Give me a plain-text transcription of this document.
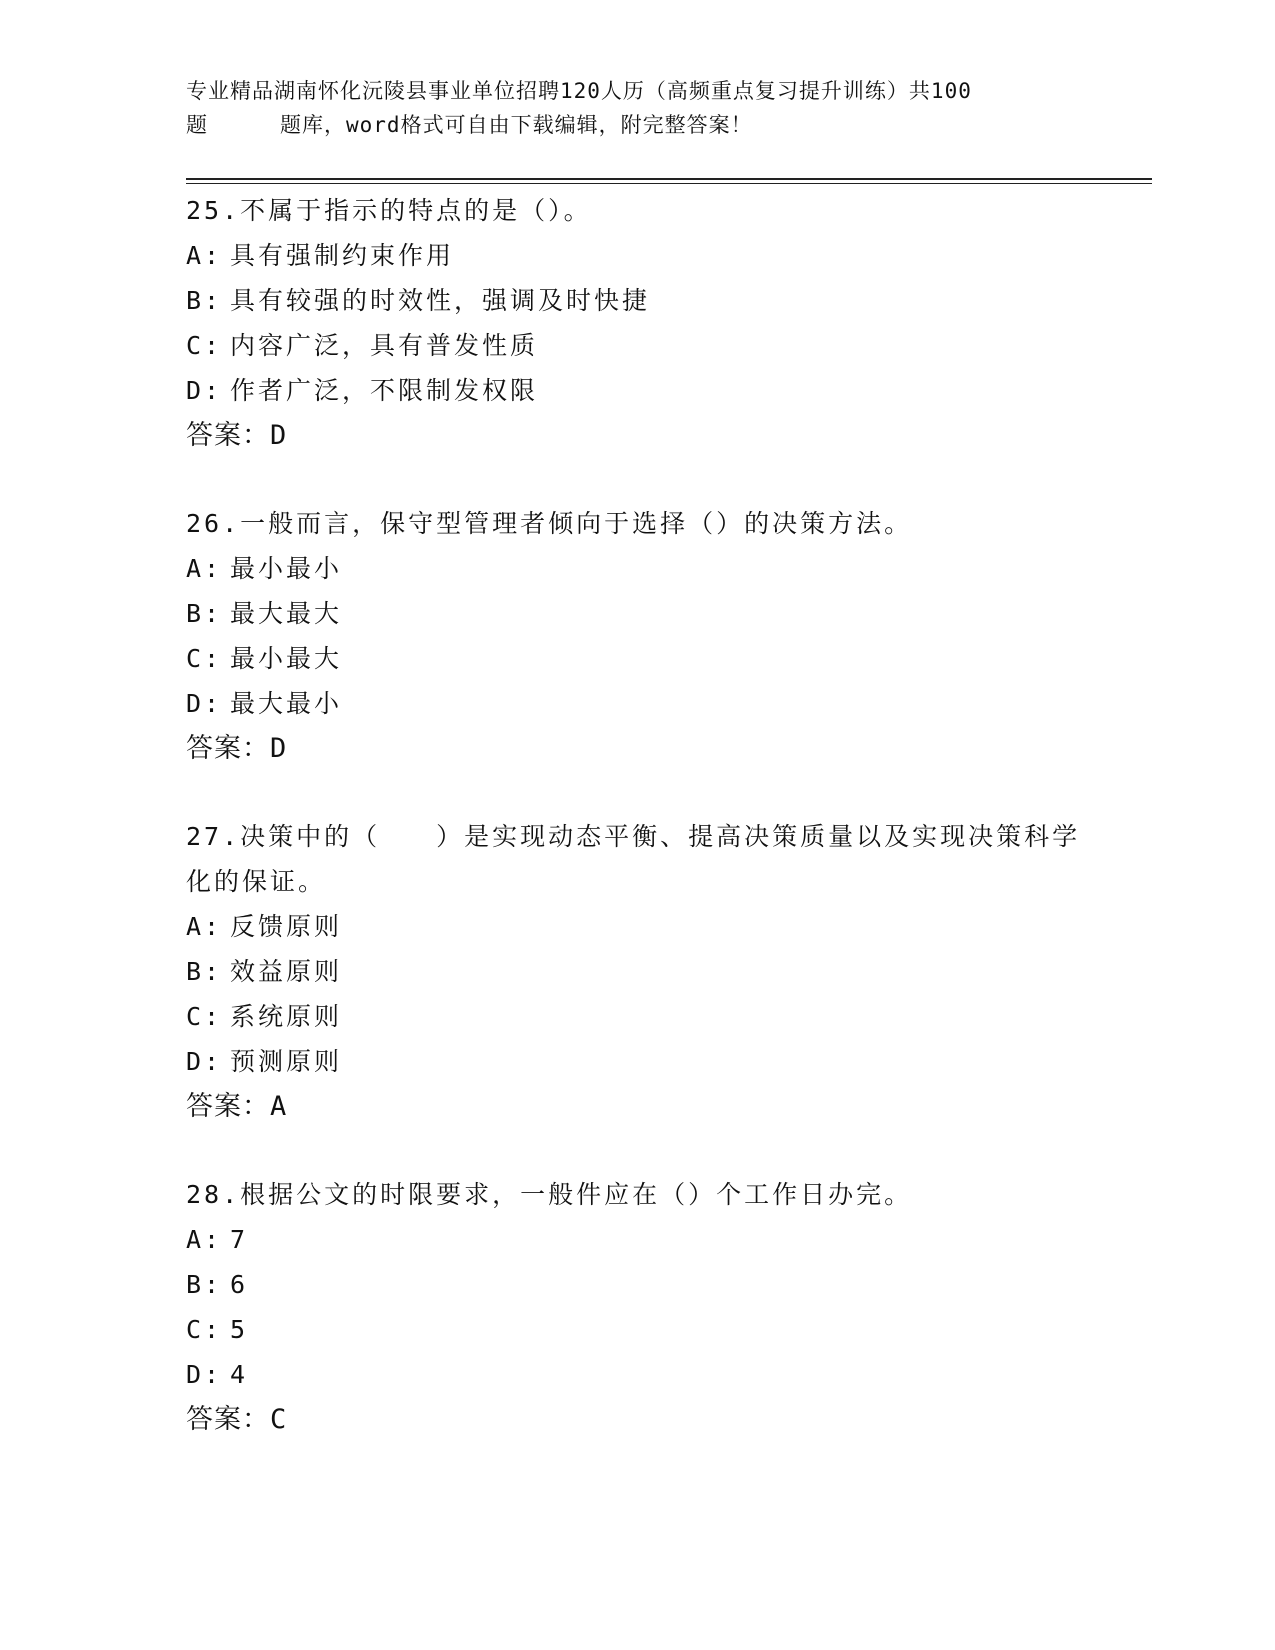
专业精品湖南怀化沅陵县事业单位招聘120人历（高频重点复习提升训练）共100
题	题库，word格式可自由下载编辑，附完整答案！

25.不属于指示的特点的是（）。

A: 具有强制约束作用

B: 具有较强的时效性，强调及时快捷

C: 内容广泛，具有普发性质

D: 作者广泛，不限制发权限

答案：D

26.一般而言，保守型管理者倾向于选择（）的决策方法。

A: 最小最小

B: 最大最大

C: 最小最大

D: 最大最小

答案：D

27.决策中的（　　）是实现动态平衡、提高决策质量以及实现决策科学化的保证。

A: 反馈原则

B: 效益原则

C: 系统原则

D: 预测原则

答案：A

28.根据公文的时限要求，一般件应在（）个工作日办完。

A: 7

B: 6

C: 5

D: 4

答案：C
